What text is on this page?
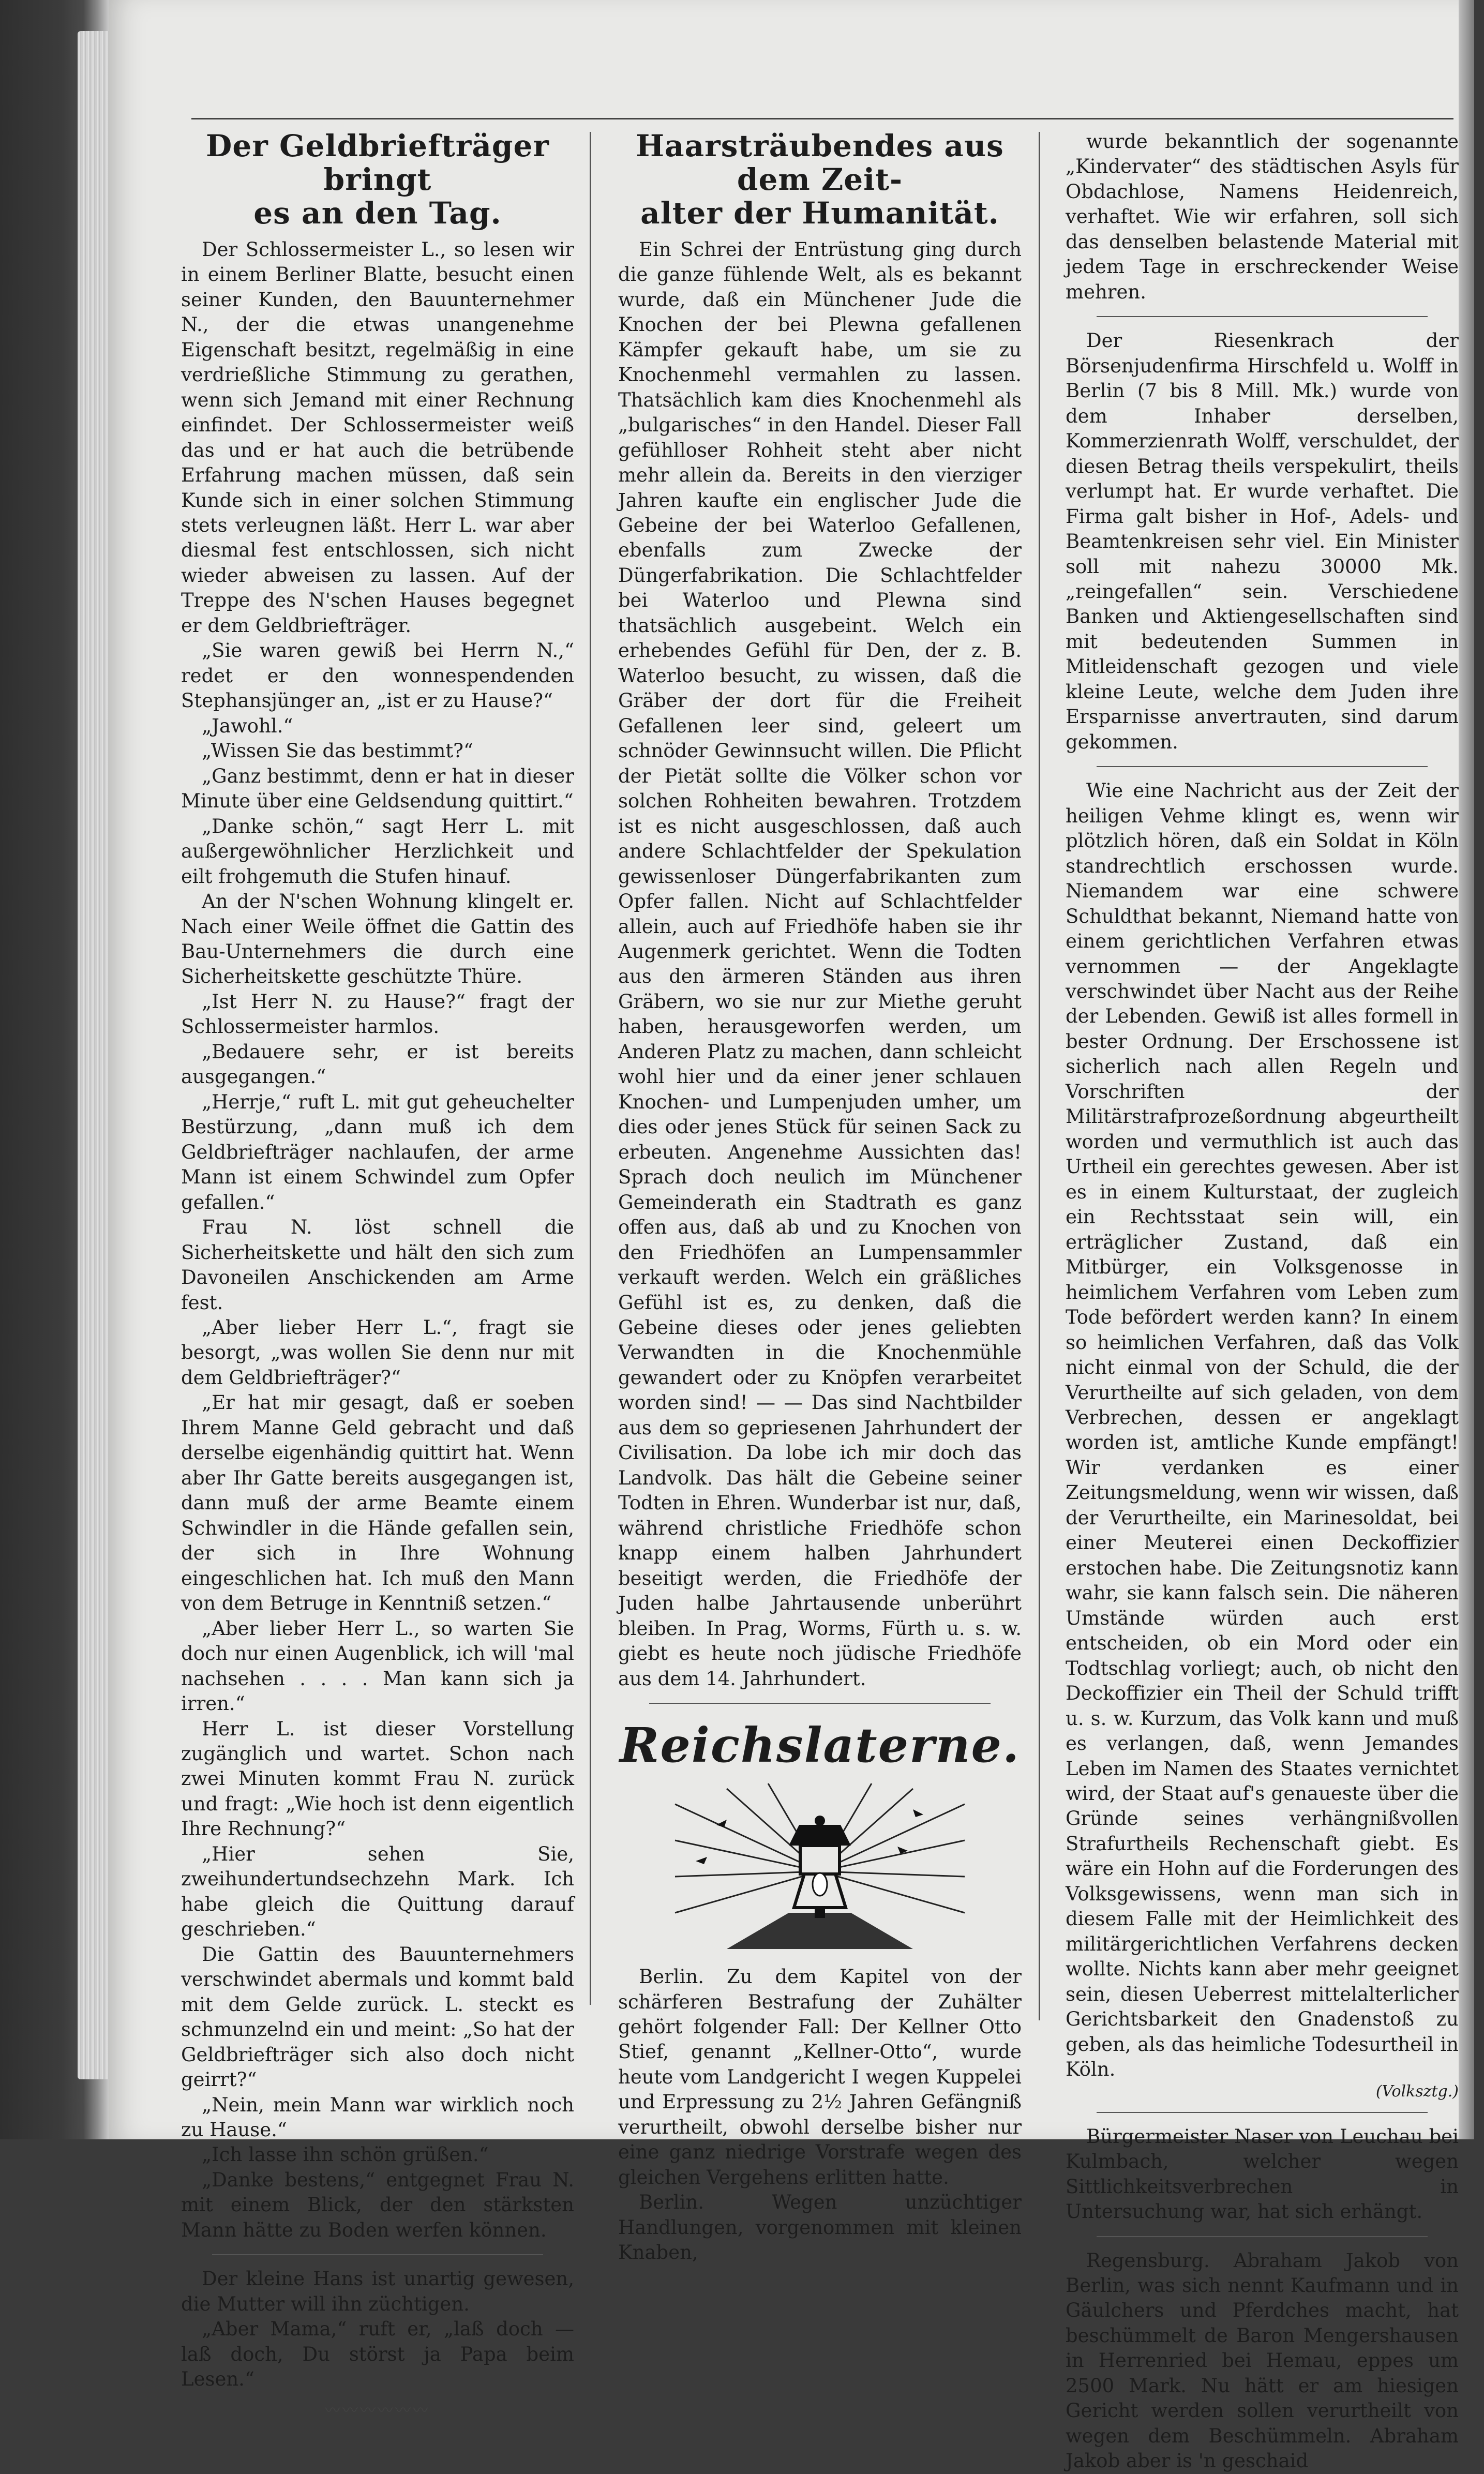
Der Geldbriefträger bringt
es an den Tag.

Der Schlossermeister L., so lesen wir in einem Berliner Blatte, besucht einen seiner Kunden, den Bauunternehmer N., der die etwas unangenehme Eigenschaft besitzt, regelmäßig in eine verdrießliche Stimmung zu gerathen, wenn sich Jemand mit einer Rechnung einfindet. Der Schlossermeister weiß das und er hat auch die betrübende Erfahrung machen müssen, daß sein Kunde sich in einer solchen Stimmung stets verleugnen läßt. Herr L. war aber diesmal fest entschlossen, sich nicht wieder abweisen zu lassen. Auf der Treppe des N'schen Hauses begegnet er dem Geldbriefträger.

„Sie waren gewiß bei Herrn N.,“ redet er den wonnespendenden Stephansjünger an, „ist er zu Hause?“

„Jawohl.“

„Wissen Sie das bestimmt?“

„Ganz bestimmt, denn er hat in dieser Minute über eine Geldsendung quittirt.“

„Danke schön,“ sagt Herr L. mit außergewöhnlicher Herzlichkeit und eilt frohgemuth die Stufen hinauf.

An der N'schen Wohnung klingelt er. Nach einer Weile öffnet die Gattin des Bau-Unternehmers die durch eine Sicherheitskette geschützte Thüre.

„Ist Herr N. zu Hause?“ fragt der Schlossermeister harmlos.

„Bedauere sehr, er ist bereits ausgegangen.“

„Herrje,“ ruft L. mit gut geheuchelter Bestürzung, „dann muß ich dem Geldbriefträger nachlaufen, der arme Mann ist einem Schwindel zum Opfer gefallen.“

Frau N. löst schnell die Sicherheitskette und hält den sich zum Davoneilen Anschickenden am Arme fest.

„Aber lieber Herr L.“, fragt sie besorgt, „was wollen Sie denn nur mit dem Geldbriefträger?“

„Er hat mir gesagt, daß er soeben Ihrem Manne Geld gebracht und daß derselbe eigenhändig quittirt hat. Wenn aber Ihr Gatte bereits ausgegangen ist, dann muß der arme Beamte einem Schwindler in die Hände gefallen sein, der sich in Ihre Wohnung eingeschlichen hat. Ich muß den Mann von dem Betruge in Kenntniß setzen.“

„Aber lieber Herr L., so warten Sie doch nur einen Augenblick, ich will 'mal nachsehen . . . . Man kann sich ja irren.“

Herr L. ist dieser Vorstellung zugänglich und wartet. Schon nach zwei Minuten kommt Frau N. zurück und fragt: „Wie hoch ist denn eigentlich Ihre Rechnung?“

„Hier sehen Sie, zweihundertundsechzehn Mark. Ich habe gleich die Quittung darauf geschrieben.“

Die Gattin des Bauunternehmers verschwindet abermals und kommt bald mit dem Gelde zurück. L. steckt es schmunzelnd ein und meint: „So hat der Geldbriefträger sich also doch nicht geirrt?“

„Nein, mein Mann war wirklich noch zu Hause.“

„Ich lasse ihn schön grüßen.“

„Danke bestens,“ entgegnet Frau N. mit einem Blick, der den stärksten Mann hätte zu Boden werfen können.

Der kleine Hans ist unartig gewesen, die Mutter will ihn züchtigen.

„Aber Mama,“ ruft er, „laß doch — laß doch, Du störst ja Papa beim Lesen.“

〰〰〰〰〰〰
Haarsträubendes aus dem Zeit-
alter der Humanität.

Ein Schrei der Entrüstung ging durch die ganze fühlende Welt, als es bekannt wurde, daß ein Münchener Jude die Knochen der bei Plewna gefallenen Kämpfer gekauft habe, um sie zu Knochenmehl vermahlen zu lassen. Thatsächlich kam dies Knochenmehl als „bulgarisches“ in den Handel. Dieser Fall gefühlloser Rohheit steht aber nicht mehr allein da. Bereits in den vierziger Jahren kaufte ein englischer Jude die Gebeine der bei Waterloo Gefallenen, ebenfalls zum Zwecke der Düngerfabrikation. Die Schlachtfelder bei Waterloo und Plewna sind thatsächlich ausgebeint. Welch ein erhebendes Gefühl für Den, der z. B. Waterloo besucht, zu wissen, daß die Gräber der dort für die Freiheit Gefallenen leer sind, geleert um schnöder Gewinnsucht willen. Die Pflicht der Pietät sollte die Völker schon vor solchen Rohheiten bewahren. Trotzdem ist es nicht ausgeschlossen, daß auch andere Schlachtfelder der Spekulation gewissenloser Düngerfabrikanten zum Opfer fallen. Nicht auf Schlachtfelder allein, auch auf Friedhöfe haben sie ihr Augenmerk gerichtet. Wenn die Todten aus den ärmeren Ständen aus ihren Gräbern, wo sie nur zur Miethe geruht haben, herausgeworfen werden, um Anderen Platz zu machen, dann schleicht wohl hier und da einer jener schlauen Knochen- und Lumpenjuden umher, um dies oder jenes Stück für seinen Sack zu erbeuten. Angenehme Aussichten das! Sprach doch neulich im Münchener Gemeinderath ein Stadtrath es ganz offen aus, daß ab und zu Knochen von den Friedhöfen an Lumpensammler verkauft werden. Welch ein gräßliches Gefühl ist es, zu denken, daß die Gebeine dieses oder jenes geliebten Verwandten in die Knochenmühle gewandert oder zu Knöpfen verarbeitet worden sind! — — Das sind Nachtbilder aus dem so gepriesenen Jahrhundert der Civilisation. Da lobe ich mir doch das Landvolk. Das hält die Gebeine seiner Todten in Ehren. Wunderbar ist nur, daß, während christliche Friedhöfe schon knapp einem halben Jahrhundert beseitigt werden, die Friedhöfe der Juden halbe Jahrtausende unberührt bleiben. In Prag, Worms, Fürth u. s. w. giebt es heute noch jüdische Friedhöfe aus dem 14. Jahrhundert.

Reichslaterne.

Berlin. Zu dem Kapitel von der schärferen Bestrafung der Zuhälter gehört folgender Fall: Der Kellner Otto Stief, genannt „Kellner-Otto“, wurde heute vom Landgericht I wegen Kuppelei und Erpressung zu 2½ Jahren Gefängniß verurtheilt, obwohl derselbe bisher nur eine ganz niedrige Vorstrafe wegen des gleichen Vergehens erlitten hatte.

Berlin. Wegen unzüchtiger Handlungen, vorgenommen mit kleinen Knaben,

wurde bekanntlich der sogenannte „Kindervater“ des städtischen Asyls für Obdachlose, Namens Heidenreich, verhaftet. Wie wir erfahren, soll sich das denselben belastende Material mit jedem Tage in erschreckender Weise mehren.

Der Riesenkrach der Börsenjudenfirma Hirschfeld u. Wolff in Berlin (7 bis 8 Mill. Mk.) wurde von dem Inhaber derselben, Kommerzienrath Wolff, verschuldet, der diesen Betrag theils verspekulirt, theils verlumpt hat. Er wurde verhaftet. Die Firma galt bisher in Hof-, Adels- und Beamtenkreisen sehr viel. Ein Minister soll mit nahezu 30000 Mk. „reingefallen“ sein. Verschiedene Banken und Aktiengesellschaften sind mit bedeutenden Summen in Mitleidenschaft gezogen und viele kleine Leute, welche dem Juden ihre Ersparnisse anvertrauten, sind darum gekommen.

Wie eine Nachricht aus der Zeit der heiligen Vehme klingt es, wenn wir plötzlich hören, daß ein Soldat in Köln standrechtlich erschossen wurde. Niemandem war eine schwere Schuldthat bekannt, Niemand hatte von einem gerichtlichen Verfahren etwas vernommen — der Angeklagte verschwindet über Nacht aus der Reihe der Lebenden. Gewiß ist alles formell in bester Ordnung. Der Erschossene ist sicherlich nach allen Regeln und Vorschriften der Militärstrafprozeßordnung abgeurtheilt worden und vermuthlich ist auch das Urtheil ein gerechtes gewesen. Aber ist es in einem Kulturstaat, der zugleich ein Rechtsstaat sein will, ein erträglicher Zustand, daß ein Mitbürger, ein Volksgenosse in heimlichem Verfahren vom Leben zum Tode befördert werden kann? In einem so heimlichen Verfahren, daß das Volk nicht einmal von der Schuld, die der Verurtheilte auf sich geladen, von dem Verbrechen, dessen er angeklagt worden ist, amtliche Kunde empfängt! Wir verdanken es einer Zeitungsmeldung, wenn wir wissen, daß der Verurtheilte, ein Marinesoldat, bei einer Meuterei einen Deckoffizier erstochen habe. Die Zeitungsnotiz kann wahr, sie kann falsch sein. Die näheren Umstände würden auch erst entscheiden, ob ein Mord oder ein Todtschlag vorliegt; auch, ob nicht den Deckoffizier ein Theil der Schuld trifft u. s. w. Kurzum, das Volk kann und muß es verlangen, daß, wenn Jemandes Leben im Namen des Staates vernichtet wird, der Staat auf's genaueste über die Gründe seines verhängnißvollen Strafurtheils Rechenschaft giebt. Es wäre ein Hohn auf die Forderungen des Volksgewissens, wenn man sich in diesem Falle mit der Heimlichkeit des militärgerichtlichen Verfahrens decken wollte. Nichts kann aber mehr geeignet sein, diesen Ueberrest mittelalterlicher Gerichtsbarkeit den Gnadenstoß zu geben, als das heimliche Todesurtheil in Köln.

(Volksztg.)

Bürgermeister Naser von Leuchau bei Kulmbach, welcher wegen Sittlichkeitsverbrechen in Untersuchung war, hat sich erhängt.

Regensburg. Abraham Jakob von Berlin, was sich nennt Kaufmann und in Gäulchers und Pferdches macht, hat beschümmelt de Baron Mengershausen in Herrenried bei Hemau, eppes um 2500 Mark. Nu hätt er am hiesigen Gericht werden sollen verurtheilt von wegen dem Beschümmeln. Abraham Jakob aber is 'n geschaid
